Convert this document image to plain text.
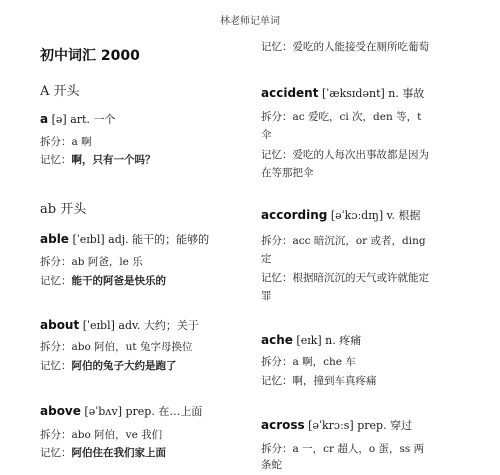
林老师记单词
初中词汇 2000
A 开头
a [ə] art. 一个
拆分：a 啊
记忆：啊，只有一个吗？
ab 开头
able [ˈeɪbl] adj. 能干的；能够的
拆分：ab 阿爸，le 乐
记忆：能干的阿爸是快乐的
about [ˈeɪbl] adv. 大约；关于
拆分：abo 阿伯，ut 兔字母换位
记忆：阿伯的兔子大约是跑了
above [əˈbʌv] prep. 在…上面
拆分：abo 阿伯，ve 我们
记忆：阿伯住在我们家上面
记忆：爱吃的人能接受在厕所吃葡萄
accident [ˈæksɪdənt] n. 事故
拆分：ac 爱吃，ci 次，den 等，t
伞
记忆：爱吃的人每次出事故都是因为
在等那把伞
according [əˈkɔːdɪŋ] v. 根据
拆分：acc 暗沉沉，or 或者，ding
定
记忆：根据暗沉沉的天气或许就能定
罪
ache [eɪk] n. 疼痛
拆分：a 啊，che 车
记忆：啊，撞到车真疼痛
across [əˈkrɔːs] prep. 穿过
拆分：a 一，cr 超人，o 蛋，ss 两
条蛇
